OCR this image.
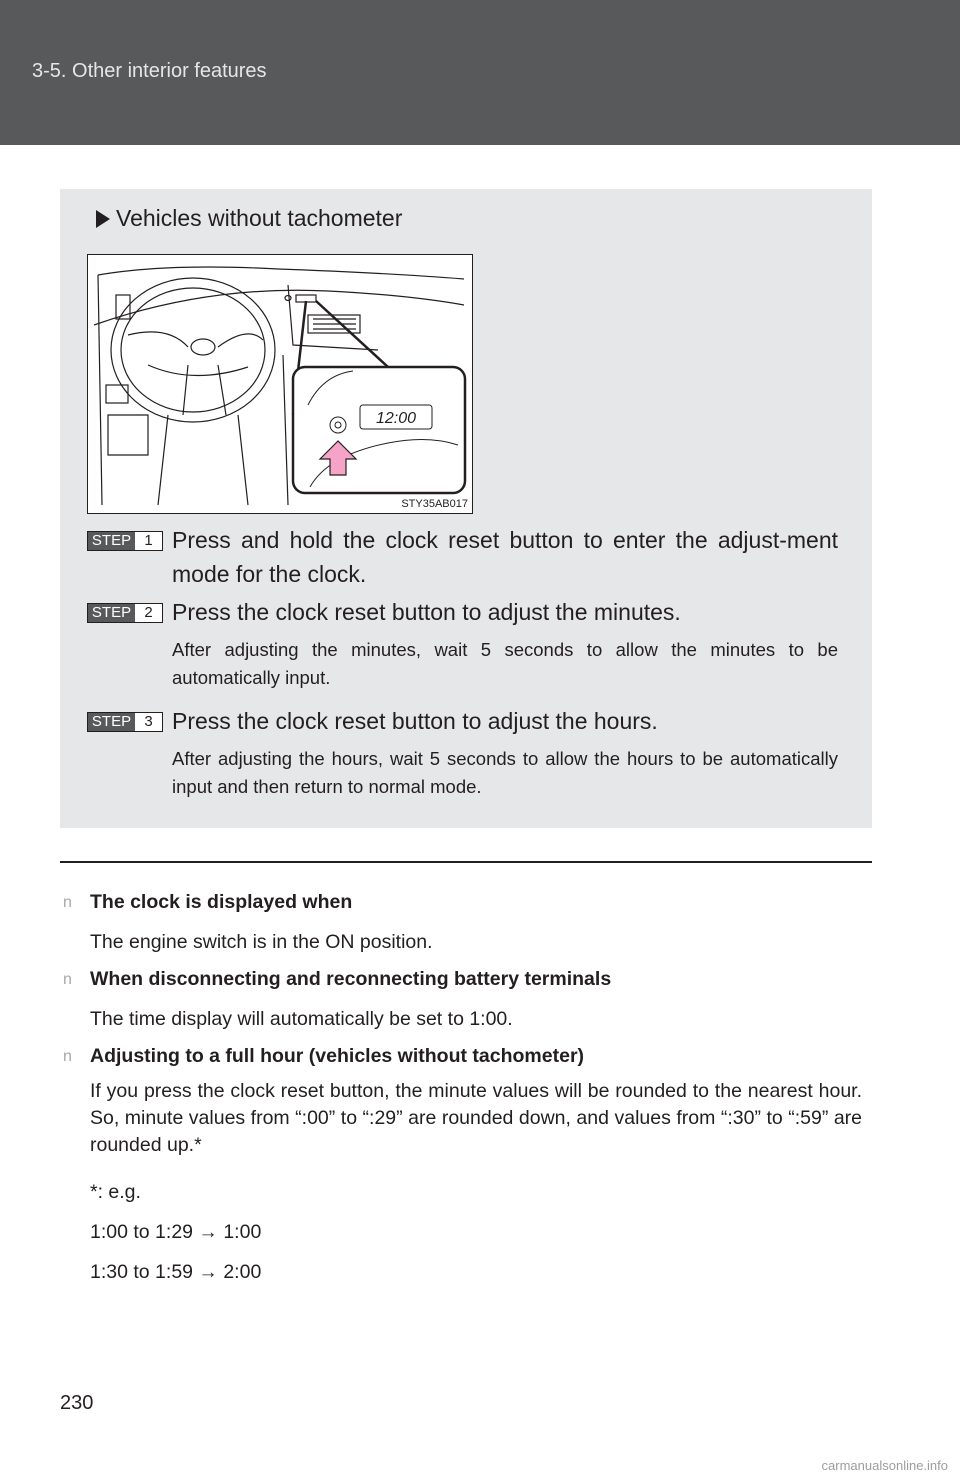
3-5. Other interior features
Vehicles without tachometer
12:00
STY35AB017
STEP 1 Press and hold the clock reset button to enter the adjust-ment mode for the clock.
STEP 2 Press the clock reset button to adjust the minutes.
After adjusting the minutes, wait 5 seconds to allow the minutes to be automatically input.
STEP 3 Press the clock reset button to adjust the hours.
After adjusting the hours, wait 5 seconds to allow the hours to be automatically input and then return to normal mode.
n The clock is displayed when
The engine switch is in the ON position.
n When disconnecting and reconnecting battery terminals
The time display will automatically be set to 1:00.
n Adjusting to a full hour (vehicles without tachometer)
If you press the clock reset button, the minute values will be rounded to the nearest hour. So, minute values from “:00” to “:29” are rounded down, and values from “:30” to “:59” are rounded up.*
*: e.g.
1:00 to 1:29 → 1:00
1:30 to 1:59 → 2:00
230
carmanualsonline.info
